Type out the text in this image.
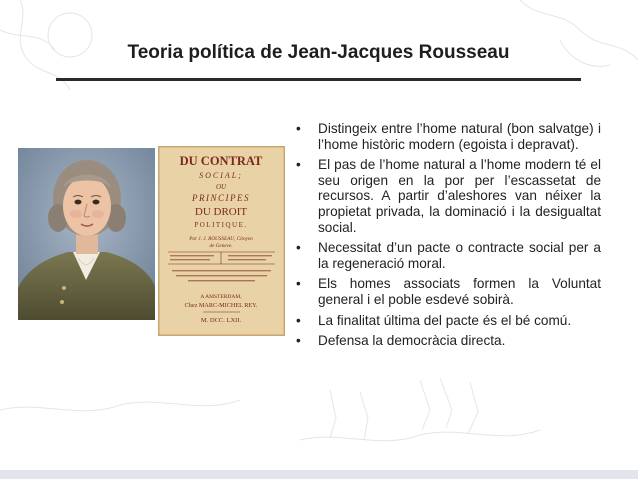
Teoria política de Jean-Jacques Rousseau
DU CONTRAT
SOCIAL;
OU
PRINCIPES
DU DROIT
POLITIQUE.
Par J. J. ROUSSEAU, Citoyen
de Geneve.
A AMSTERDAM,
Chez MARC-MICHEL REY.
M. DCC. LXII.
•	Distingeix entre l’home natural (bon salvatge) i l’home històric modern (egoista i depravat).
•	El pas de l’home natural a l’home modern té el seu origen en la por per l’escassetat de recursos. A partir d’aleshores van néixer la propietat privada, la dominació i la desigualtat social.
•	Necessitat d’un pacte o contracte social per a la regeneració moral.
•	Els homes associats formen la Voluntat general i el poble esdevé sobirà.
•	La finalitat última del pacte és el bé comú.
•	Defensa la democràcia directa.
